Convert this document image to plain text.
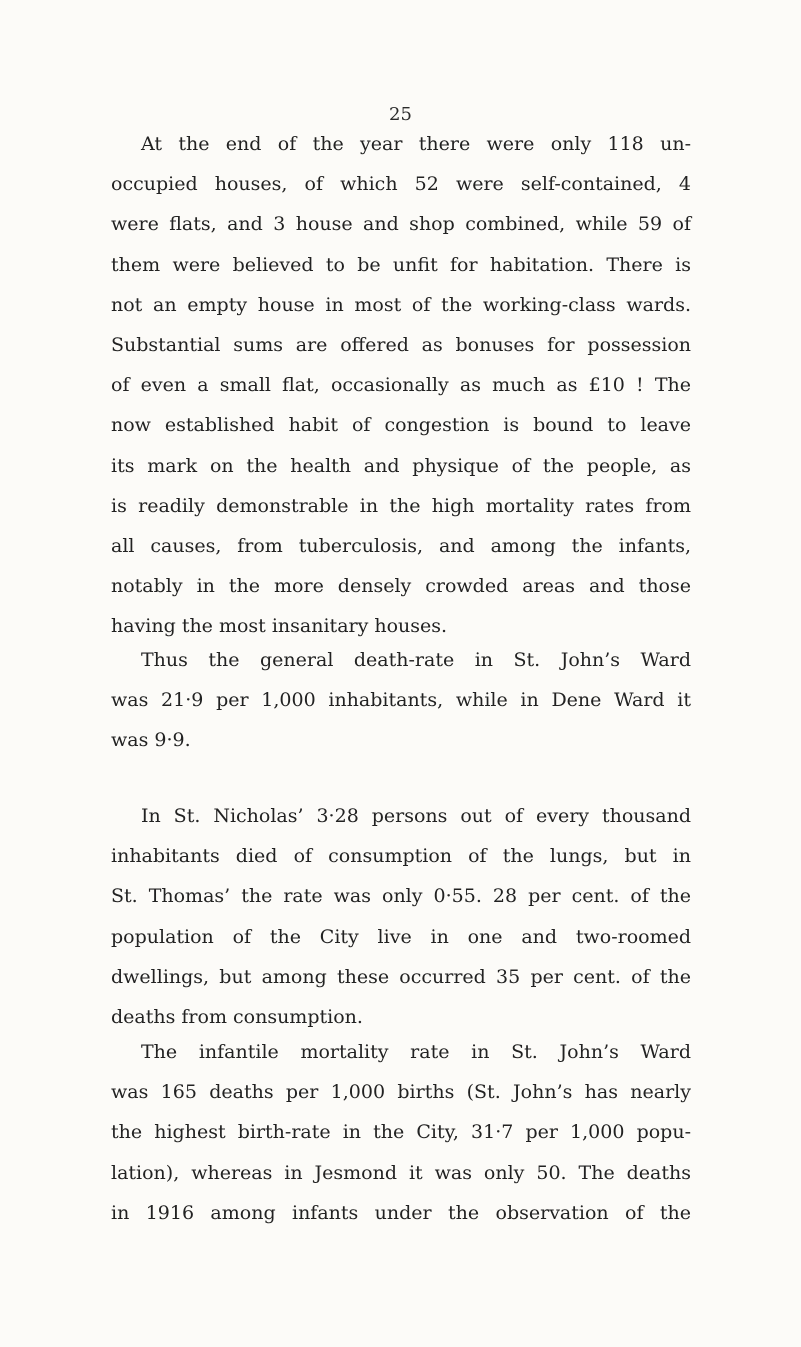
25
At the end of the year there were only 118 un-
occupied houses, of which 52 were self-contained, 4
were flats, and 3 house and shop combined, while 59 of
them were believed to be unfit for habitation. There is
not an empty house in most of the working-class wards.
Substantial sums are offered as bonuses for possession
of even a small flat, occasionally as much as £10 ! The
now established habit of congestion is bound to leave
its mark on the health and physique of the people, as
is readily demonstrable in the high mortality rates from
all causes, from tuberculosis, and among the infants,
notably in the more densely crowded areas and those
having the most insanitary houses.
Thus the general death-rate in St. John’s Ward
was 21·9 per 1,000 inhabitants, while in Dene Ward it
was 9·9.
In St. Nicholas’ 3·28 persons out of every thousand
inhabitants died of consumption of the lungs, but in
St. Thomas’ the rate was only 0·55. 28 per cent. of the
population of the City live in one and two-roomed
dwellings, but among these occurred 35 per cent. of the
deaths from consumption.
The infantile mortality rate in St. John’s Ward
was 165 deaths per 1,000 births (St. John’s has nearly
the highest birth-rate in the City, 31·7 per 1,000 popu-
lation), whereas in Jesmond it was only 50. The deaths
in 1916 among infants under the observation of the
